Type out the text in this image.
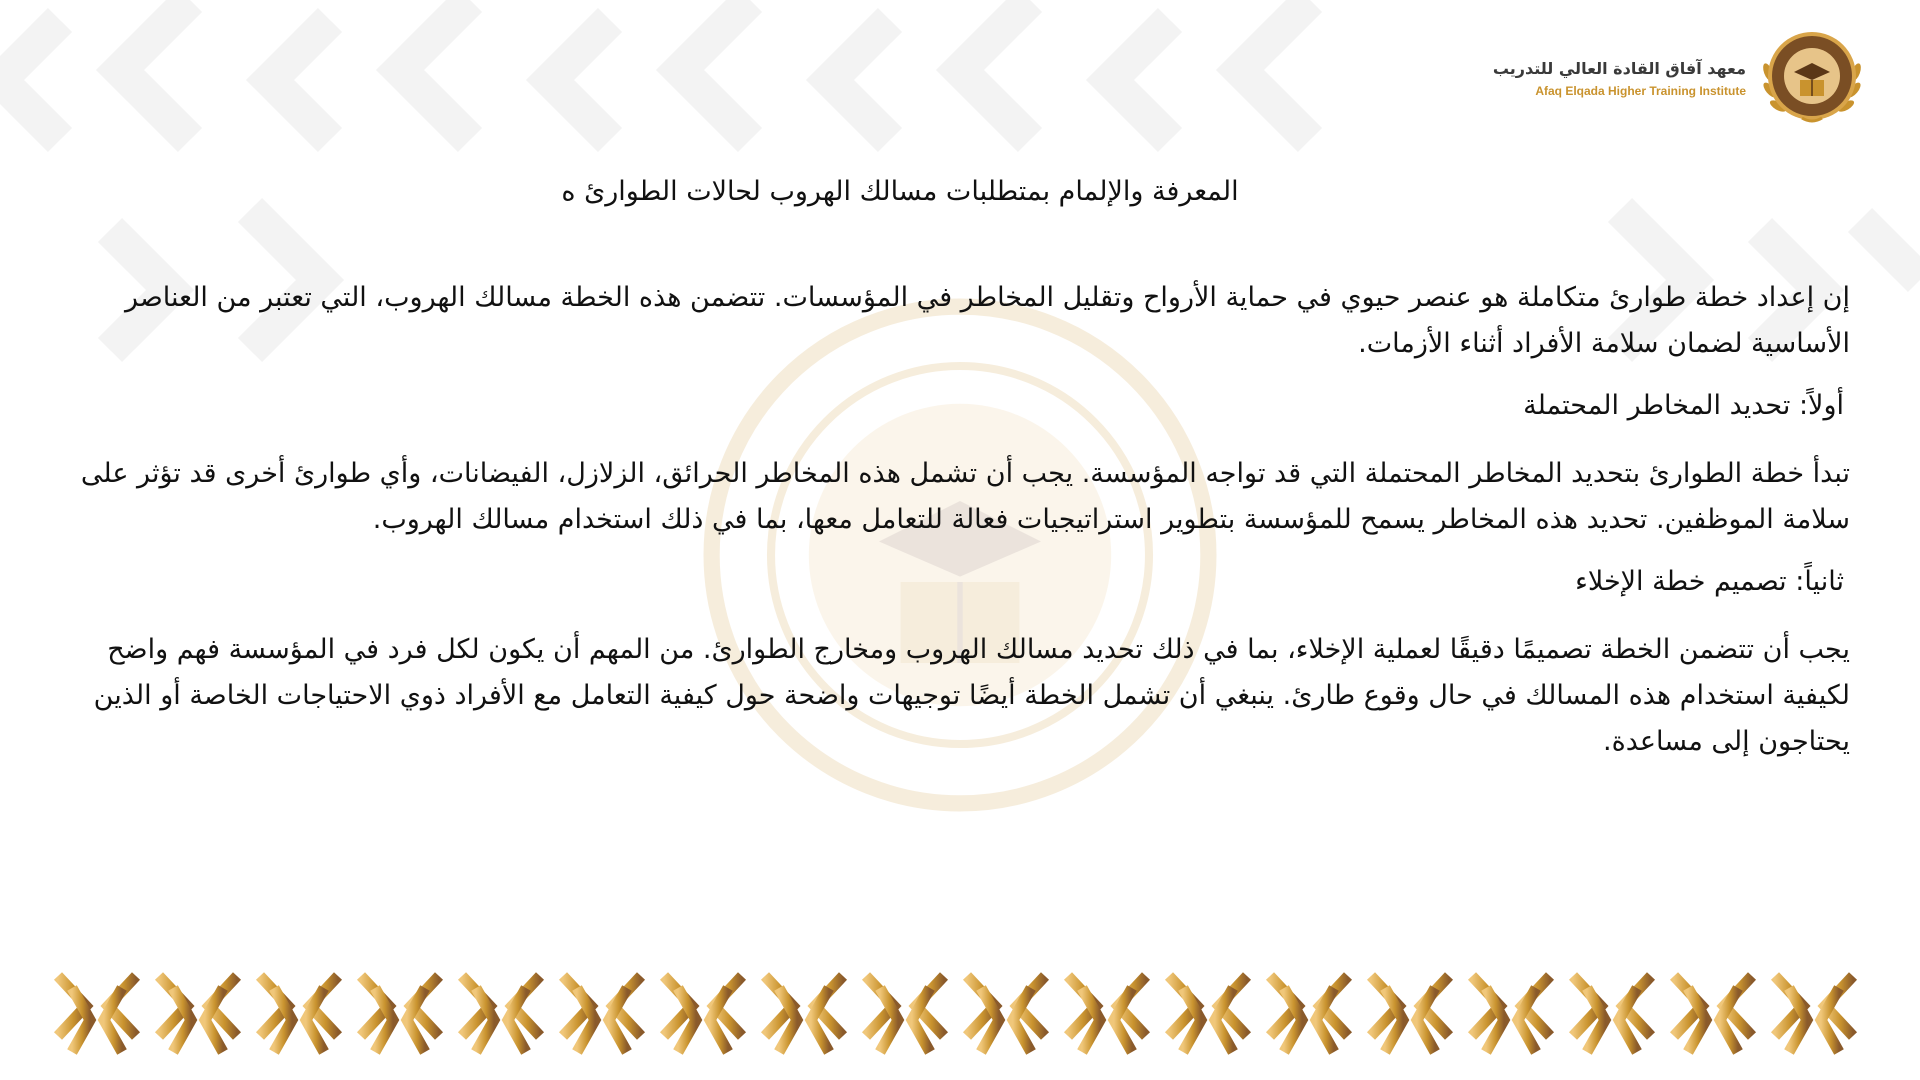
معهد آفاق القادة العالي للتدريب
Afaq Elqada Higher Training Institute
المعرفة والإلمام بمتطلبات مسالك الهروب لحالات الطوارئ ه

إن إعداد خطة طوارئ متكاملة هو عنصر حيوي في حماية الأرواح وتقليل المخاطر في المؤسسات. تتضمن هذه الخطة مسالك الهروب، التي تعتبر من العناصر الأساسية لضمان سلامة الأفراد أثناء الأزمات.

أولاً: تحديد المخاطر المحتملة

تبدأ خطة الطوارئ بتحديد المخاطر المحتملة التي قد تواجه المؤسسة. يجب أن تشمل هذه المخاطر الحرائق، الزلازل، الفيضانات، وأي طوارئ أخرى قد تؤثر على سلامة الموظفين. تحديد هذه المخاطر يسمح للمؤسسة بتطوير استراتيجيات فعالة للتعامل معها، بما في ذلك استخدام مسالك الهروب.

ثانياً: تصميم خطة الإخلاء

يجب أن تتضمن الخطة تصميمًا دقيقًا لعملية الإخلاء، بما في ذلك تحديد مسالك الهروب ومخارج الطوارئ. من المهم أن يكون لكل فرد في المؤسسة فهم واضح لكيفية استخدام هذه المسالك في حال وقوع طارئ. ينبغي أن تشمل الخطة أيضًا توجيهات واضحة حول كيفية التعامل مع الأفراد ذوي الاحتياجات الخاصة أو الذين يحتاجون إلى مساعدة.
